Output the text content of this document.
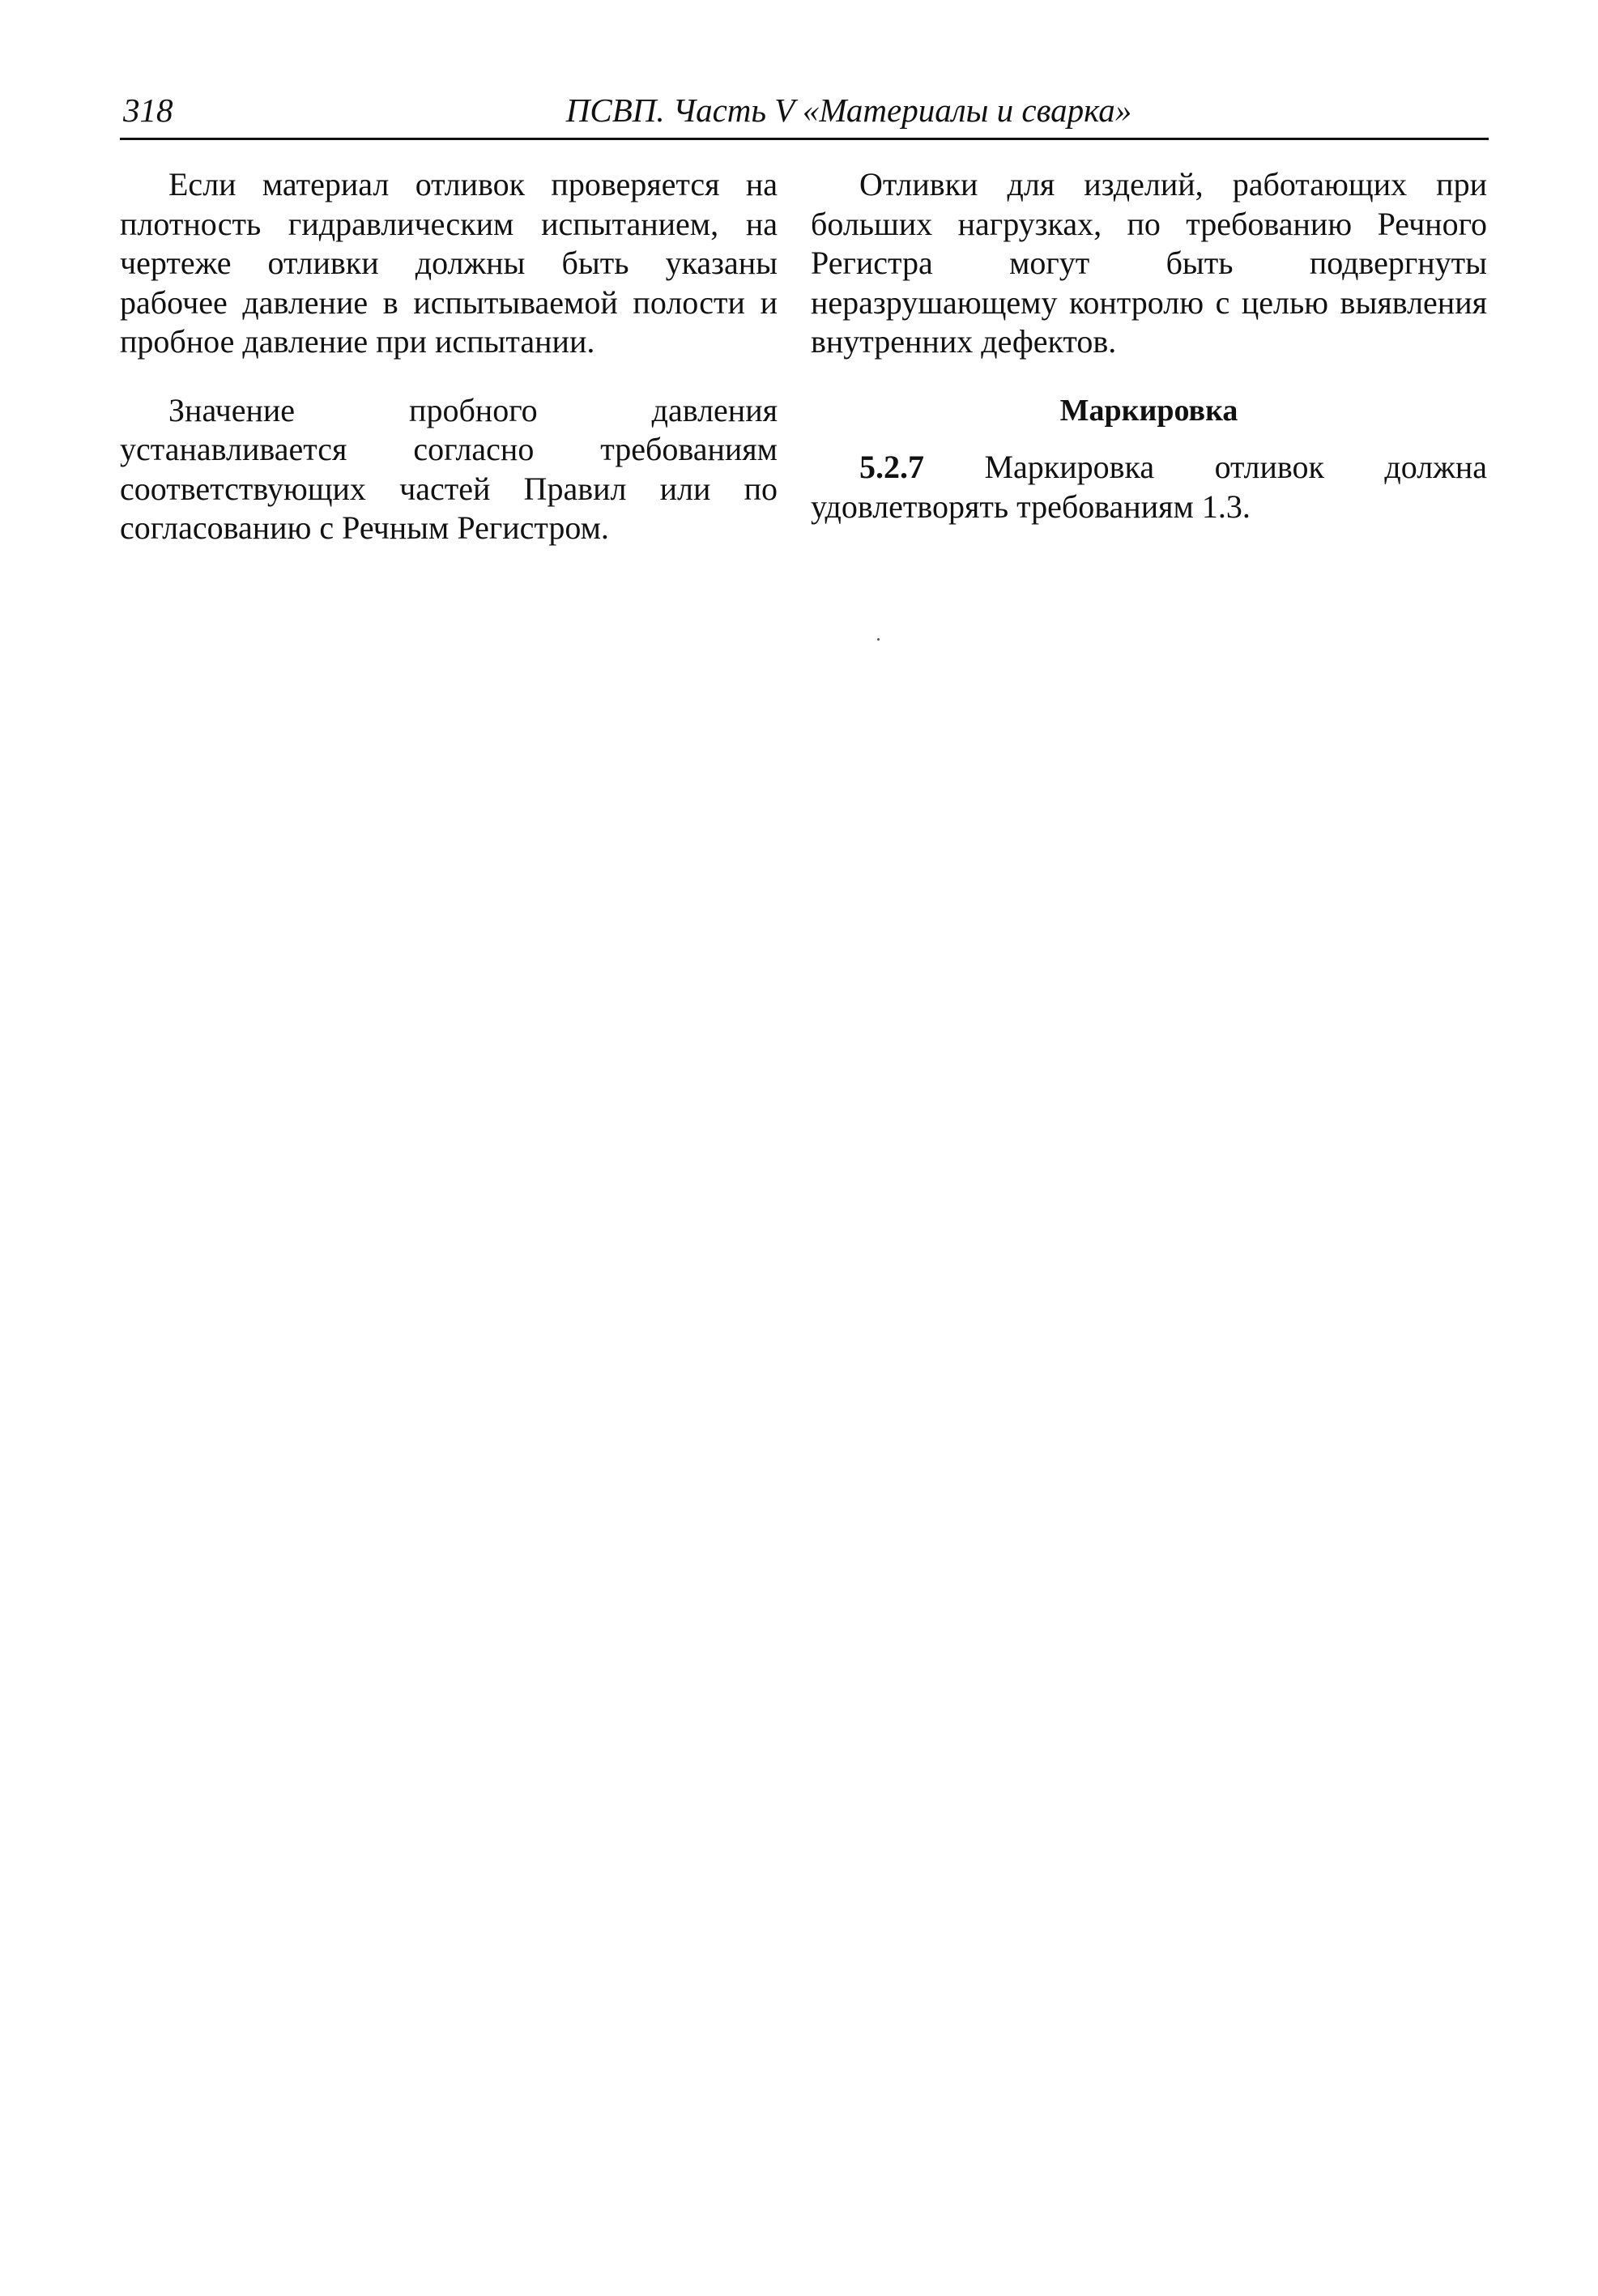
318	ПСВП. Часть V «Материалы и сварка»

Если материал отливок проверяется на плотность гидравлическим испытанием, на чертеже отливки должны быть указаны рабочее давление в испытываемой полости и пробное давление при испытании.

Значение пробного давления устанавливается согласно требованиям соответствующих частей Правил или по согласованию с Речным Регистром.

Отливки для изделий, работающих при больших нагрузках, по требованию Речного Регистра могут быть подвергнуты неразрушающему контролю с целью выявления внутренних дефектов.

Маркировка

5.2.7 Маркировка отливок должна удовлетворять требованиям 1.3.
